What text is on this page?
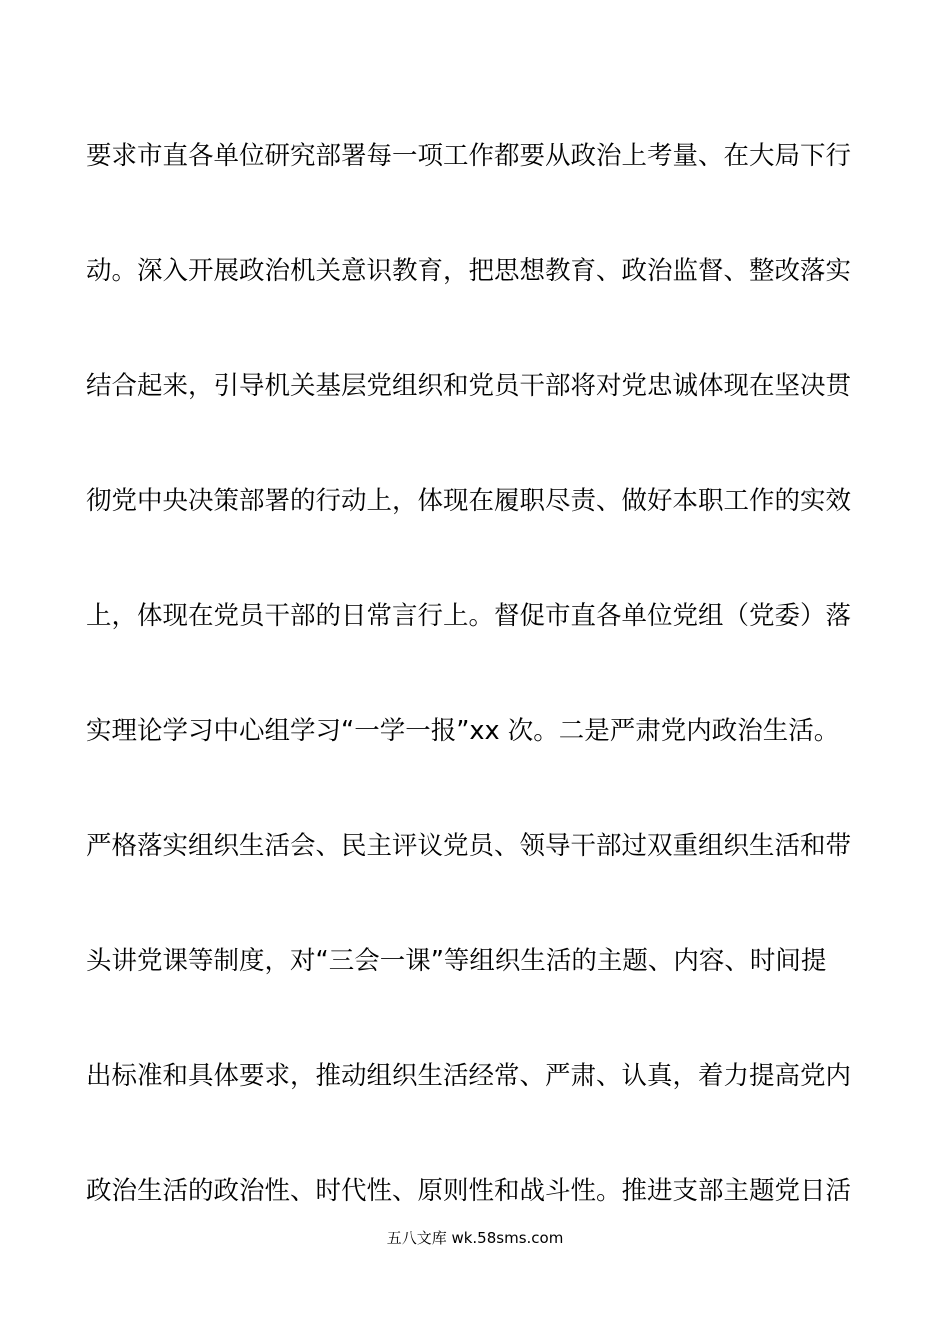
要求市直各单位研究部署每一项工作都要从政治上考量、在大局下行
动。深入开展政治机关意识教育，把思想教育、政治监督、整改落实
结合起来，引导机关基层党组织和党员干部将对党忠诚体现在坚决贯
彻党中央决策部署的行动上，体现在履职尽责、做好本职工作的实效
上，体现在党员干部的日常言行上。督促市直各单位党组（党委）落
实理论学习中心组学习“一学一报”xx 次。二是严肃党内政治生活。
严格落实组织生活会、民主评议党员、领导干部过双重组织生活和带
头讲党课等制度，对“三会一课”等组织生活的主题、内容、时间提
出标准和具体要求，推动组织生活经常、严肃、认真，着力提高党内
政治生活的政治性、时代性、原则性和战斗性。推进支部主题党日活
五八文库 wk.58sms.com
